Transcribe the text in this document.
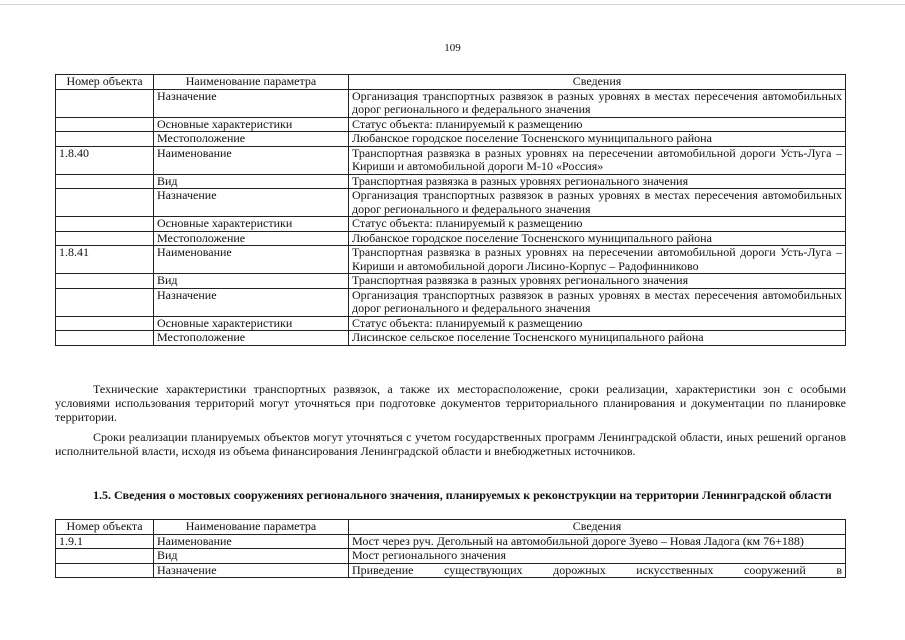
109
Номер объекта	Наименование параметра	Сведения
	Назначение	Организация транспортных развязок в разных уровнях в местах пересечения автомобильных дорог регионального и федерального значения
	Основные характеристики	Статус объекта: планируемый к размещению
	Местоположение	Любанское городское поселение Тосненского муниципального района
1.8.40	Наименование	Транспортная развязка в разных уровнях на пересечении автомобильной дороги Усть-Луга – Кириши и автомобильной дороги М-10 «Россия»
	Вид	Транспортная развязка в разных уровнях регионального значения
	Назначение	Организация транспортных развязок в разных уровнях в местах пересечения автомобильных дорог регионального и федерального значения
	Основные характеристики	Статус объекта: планируемый к размещению
	Местоположение	Любанское городское поселение Тосненского муниципального района
1.8.41	Наименование	Транспортная развязка в разных уровнях на пересечении автомобильной дороги Усть-Луга – Кириши и автомобильной дороги Лисино-Корпус – Радофинниково
	Вид	Транспортная развязка в разных уровнях регионального значения
	Назначение	Организация транспортных развязок в разных уровнях в местах пересечения автомобильных дорог регионального и федерального значения
	Основные характеристики	Статус объекта: планируемый к размещению
	Местоположение	Лисинское сельское поселение Тосненского муниципального района

Технические характеристики транспортных развязок, а также их месторасположение, сроки реализации, характеристики зон с особыми условиями использования территорий могут уточняться при подготовке документов территориального планирования и документации по планировке территории.

Сроки реализации планируемых объектов могут уточняться с учетом государственных программ Ленинградской области, иных решений органов исполнительной власти, исходя из объема финансирования Ленинградской области и внебюджетных источников.

1.5. Сведения о мостовых сооружениях регионального значения, планируемых к реконструкции на территории Ленинградской области

Номер объекта	Наименование параметра	Сведения
1.9.1	Наименование	Мост через руч. Дегольный на автомобильной дороге Зуево – Новая Ладога (км 76+188)
	Вид	Мост регионального значения
	Назначение	Приведение существующих дорожных искусственных сооружений в
